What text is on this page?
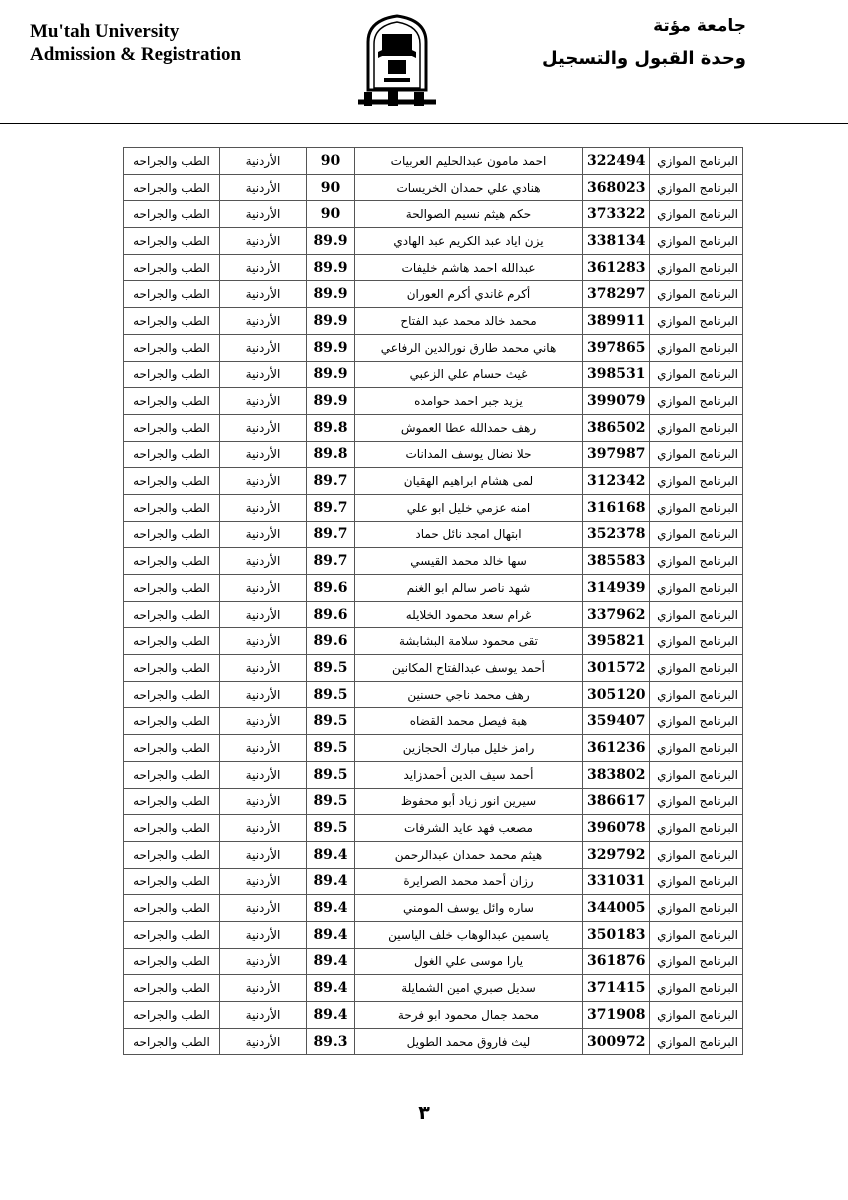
Mu'tah University
Admission & Registration
جامعة مؤتة
وحدة القبول والتسجيل
الطب والجراحه	الأردنية	90	احمد مامون عبدالحليم العربيات	322494	البرنامج الموازي
الطب والجراحه	الأردنية	90	هنادي علي حمدان الخريسات	368023	البرنامج الموازي
الطب والجراحه	الأردنية	90	حكم هيثم نسيم الصوالحة	373322	البرنامج الموازي
الطب والجراحه	الأردنية	89.9	يزن اياد عبد الكريم عبد الهادي	338134	البرنامج الموازي
الطب والجراحه	الأردنية	89.9	عبدالله احمد هاشم خليفات	361283	البرنامج الموازي
الطب والجراحه	الأردنية	89.9	أكرم غاندي أكرم العوران	378297	البرنامج الموازي
الطب والجراحه	الأردنية	89.9	محمد خالد محمد عبد الفتاح	389911	البرنامج الموازي
الطب والجراحه	الأردنية	89.9	هاني محمد طارق نورالدين الرفاعي	397865	البرنامج الموازي
الطب والجراحه	الأردنية	89.9	غيث حسام علي الزعبي	398531	البرنامج الموازي
الطب والجراحه	الأردنية	89.9	يزيد جبر احمد حوامده	399079	البرنامج الموازي
الطب والجراحه	الأردنية	89.8	رهف حمدالله عطا العموش	386502	البرنامج الموازي
الطب والجراحه	الأردنية	89.8	حلا نضال يوسف المدانات	397987	البرنامج الموازي
الطب والجراحه	الأردنية	89.7	لمى هشام ابراهيم الهقيان	312342	البرنامج الموازي
الطب والجراحه	الأردنية	89.7	امنه عزمي خليل ابو علي	316168	البرنامج الموازي
الطب والجراحه	الأردنية	89.7	ابتهال امجد نائل حماد	352378	البرنامج الموازي
الطب والجراحه	الأردنية	89.7	سها خالد محمد القيسي	385583	البرنامج الموازي
الطب والجراحه	الأردنية	89.6	شهد ناصر سالم ابو الغنم	314939	البرنامج الموازي
الطب والجراحه	الأردنية	89.6	غرام سعد محمود الخلايله	337962	البرنامج الموازي
الطب والجراحه	الأردنية	89.6	تقى محمود سلامة البشابشة	395821	البرنامج الموازي
الطب والجراحه	الأردنية	89.5	أحمد يوسف عبدالفتاح المكانين	301572	البرنامج الموازي
الطب والجراحه	الأردنية	89.5	رهف محمد ناجي حسنين	305120	البرنامج الموازي
الطب والجراحه	الأردنية	89.5	هبة فيصل محمد القضاه	359407	البرنامج الموازي
الطب والجراحه	الأردنية	89.5	رامز خليل مبارك الحجازين	361236	البرنامج الموازي
الطب والجراحه	الأردنية	89.5	أحمد سيف الدين أحمدزايد	383802	البرنامج الموازي
الطب والجراحه	الأردنية	89.5	سيرين انور زياد أبو محفوظ	386617	البرنامج الموازي
الطب والجراحه	الأردنية	89.5	مصعب فهد عايد الشرفات	396078	البرنامج الموازي
الطب والجراحه	الأردنية	89.4	هيثم محمد حمدان عبدالرحمن	329792	البرنامج الموازي
الطب والجراحه	الأردنية	89.4	رزان أحمد محمد الصرايرة	331031	البرنامج الموازي
الطب والجراحه	الأردنية	89.4	ساره وائل يوسف المومني	344005	البرنامج الموازي
الطب والجراحه	الأردنية	89.4	ياسمين عبدالوهاب خلف الياسين	350183	البرنامج الموازي
الطب والجراحه	الأردنية	89.4	يارا موسى علي الغول	361876	البرنامج الموازي
الطب والجراحه	الأردنية	89.4	سديل صبري امين الشمايلة	371415	البرنامج الموازي
الطب والجراحه	الأردنية	89.4	محمد جمال محمود ابو فرحة	371908	البرنامج الموازي
الطب والجراحه	الأردنية	89.3	ليث فاروق محمد الطويل	300972	البرنامج الموازي
٣
